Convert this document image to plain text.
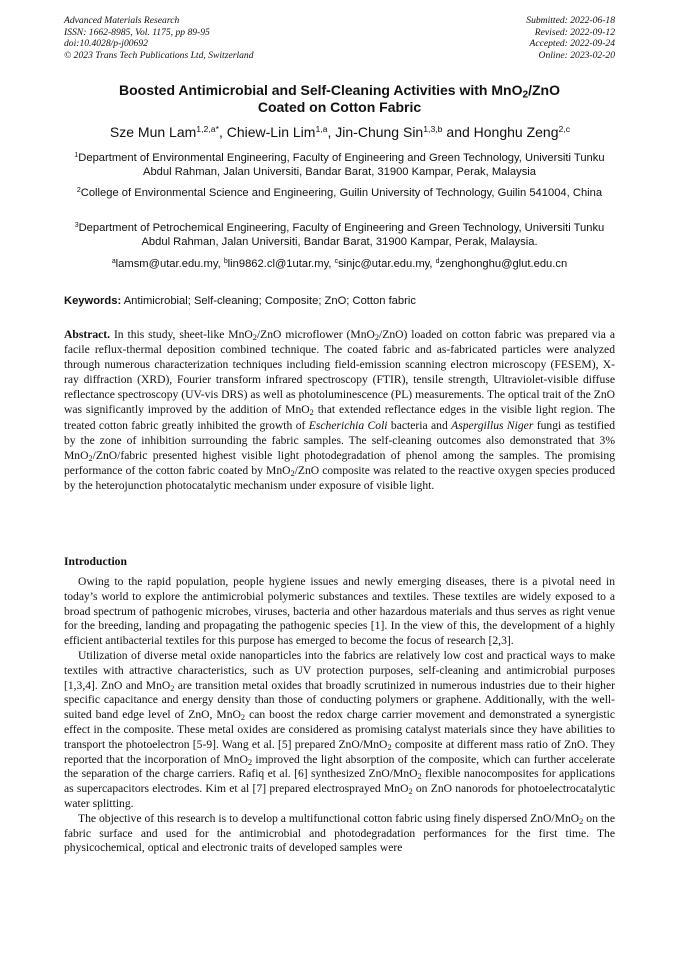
Advanced Materials Research
ISSN: 1662-8985, Vol. 1175, pp 89-95
doi:10.4028/p-j00692
© 2023 Trans Tech Publications Ltd, Switzerland
Submitted: 2022-06-18
Revised: 2022-09-12
Accepted: 2022-09-24
Online: 2023-02-20
Boosted Antimicrobial and Self-Cleaning Activities with MnO$_2$/ZnO
Coated on Cotton Fabric
Sze Mun Lam$^{1,2,a*}$, Chiew-Lin Lim$^{1,a}$, Jin-Chung Sin$^{1,3,b}$ and Honghu Zeng$^{2,c}$
$^1$Department of Environmental Engineering, Faculty of Engineering and Green Technology, Universiti Tunku Abdul Rahman, Jalan Universiti, Bandar Barat, 31900 Kampar, Perak, Malaysia
$^2$College of Environmental Science and Engineering, Guilin University of Technology, Guilin 541004, China
$^3$Department of Petrochemical Engineering, Faculty of Engineering and Green Technology, Universiti Tunku Abdul Rahman, Jalan Universiti, Bandar Barat, 31900 Kampar, Perak, Malaysia.
$^a$lamsm@utar.edu.my, $^b$lin9862.cl@1utar.my, $^c$sinjc@utar.edu.my, $^d$zenghonghu@glut.edu.cn
Keywords: Antimicrobial; Self-cleaning; Composite; ZnO; Cotton fabric
Abstract. In this study, sheet-like MnO$_2$/ZnO microflower (MnO$_2$/ZnO) loaded on cotton fabric was prepared via a facile reflux-thermal deposition combined technique. The coated fabric and as-fabricated particles were analyzed through numerous characterization techniques including field-emission scanning electron microscopy (FESEM), X-ray diffraction (XRD), Fourier transform infrared spectroscopy (FTIR), tensile strength, Ultraviolet-visible diffuse reflectance spectroscopy (UV-vis DRS) as well as photoluminescence (PL) measurements. The optical trait of the ZnO was significantly improved by the addition of MnO$_2$ that extended reflectance edges in the visible light region. The treated cotton fabric greatly inhibited the growth of Escherichia Coli bacteria and Aspergillus Niger fungi as testified by the zone of inhibition surrounding the fabric samples. The self-cleaning outcomes also demonstrated that 3% MnO$_2$/ZnO/fabric presented highest visible light photodegradation of phenol among the samples. The promising performance of the cotton fabric coated by MnO$_2$/ZnO composite was related to the reactive oxygen species produced by the heterojunction photocatalytic mechanism under exposure of visible light.
Introduction

Owing to the rapid population, people hygiene issues and newly emerging diseases, there is a pivotal need in today’s world to explore the antimicrobial polymeric substances and textiles. These textiles are widely exposed to a broad spectrum of pathogenic microbes, viruses, bacteria and other hazardous materials and thus serves as right venue for the breeding, landing and propagating the pathogenic species [1]. In the view of this, the development of a highly efficient antibacterial textiles for this purpose has emerged to become the focus of research [2,3].

Utilization of diverse metal oxide nanoparticles into the fabrics are relatively low cost and practical ways to make textiles with attractive characteristics, such as UV protection purposes, self-cleaning and antimicrobial purposes [1,3,4]. ZnO and MnO$_2$ are transition metal oxides that broadly scrutinized in numerous industries due to their higher specific capacitance and energy density than those of conducting polymers or graphene. Additionally, with the well-suited band edge level of ZnO, MnO$_2$ can boost the redox charge carrier movement and demonstrated a synergistic effect in the composite. These metal oxides are considered as promising catalyst materials since they have abilities to transport the photoelectron [5-9]. Wang et al. [5] prepared ZnO/MnO$_2$ composite at different mass ratio of ZnO. They reported that the incorporation of MnO$_2$ improved the light absorption of the composite, which can further accelerate the separation of the charge carriers. Rafiq et al. [6] synthesized ZnO/MnO$_2$ flexible nanocomposites for applications as supercapacitors electrodes. Kim et al [7] prepared electrosprayed MnO$_2$ on ZnO nanorods for photoelectrocatalytic water splitting.

The objective of this research is to develop a multifunctional cotton fabric using finely dispersed ZnO/MnO$_2$ on the fabric surface and used for the antimicrobial and photodegradation performances for the first time. The physicochemical, optical and electronic traits of developed samples were
